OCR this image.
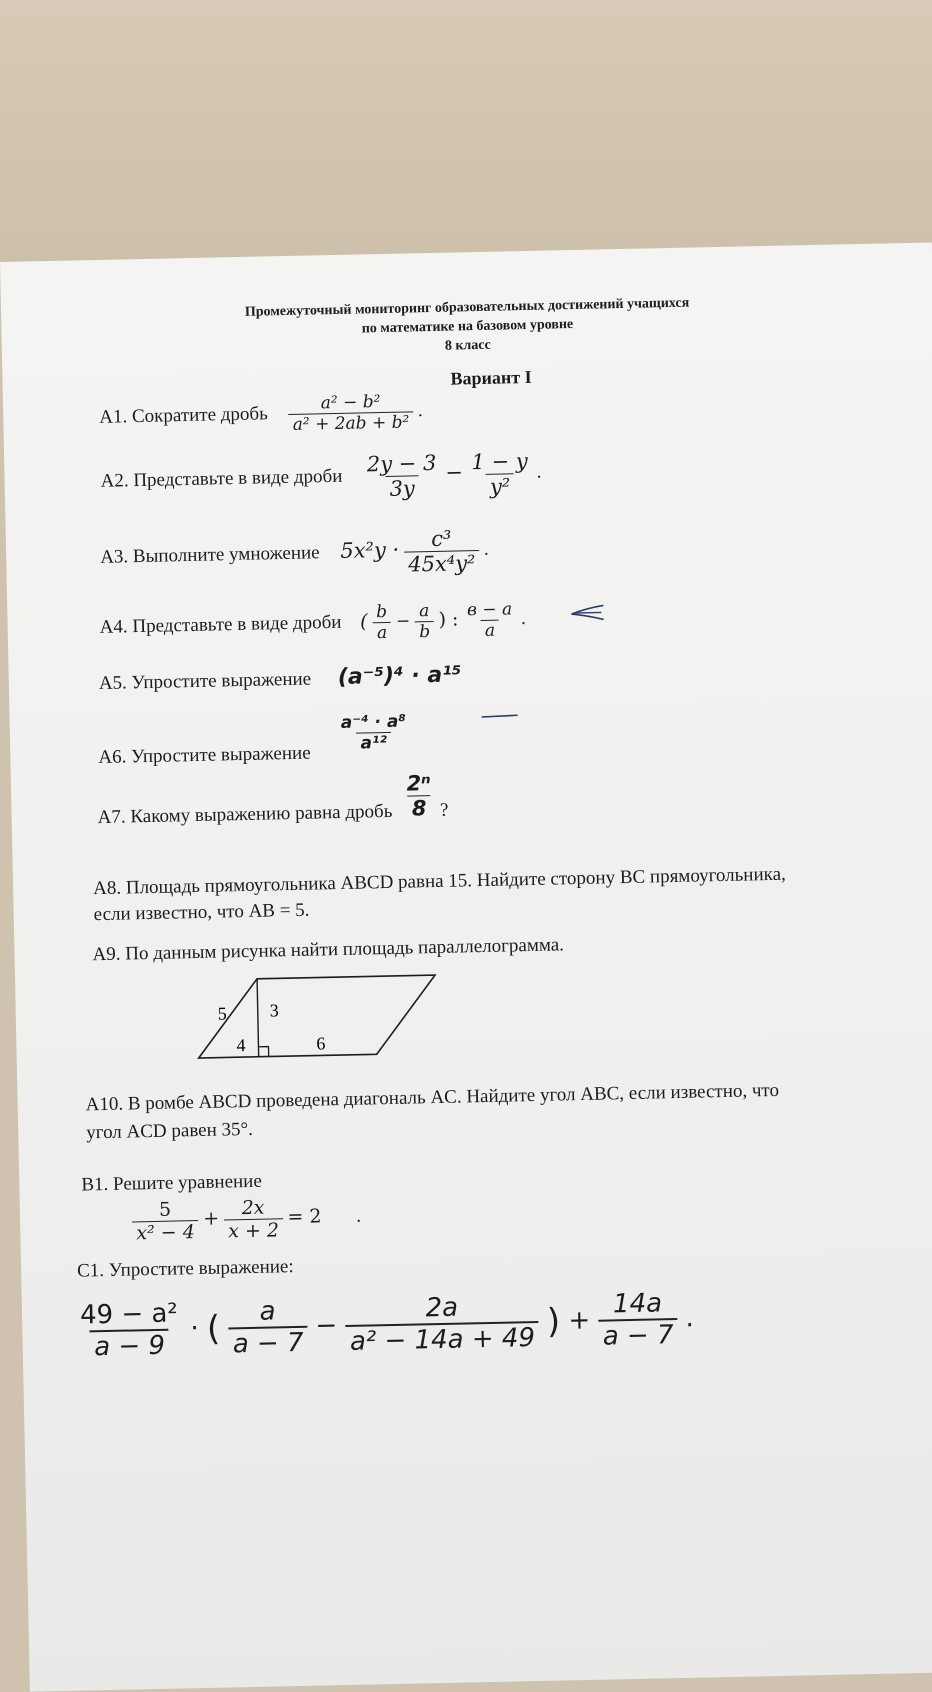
Промежуточный мониторинг образовательных достижений учащихся
по математике на базовом уровне
8 класс
Вариант I
А1. Сократите дробь $\frac{\text{a² − b²}}{\text{a² + 2ab + b²}}$ .
А2. Представьте в виде дроби $\frac{2y - 3}{3y} - \frac{1 - y}{\text{y²}}$ .
А3. Выполните умножение $5x^2y \cdot \frac{\text{c³}}{\text{45x⁴y²}}$ .
А4. Представьте в виде дроби ( $\frac{b}{a} - \frac{a}{b}$ ) : $\frac{в - a}{a}$ .
А5. Упростите выражение (a⁻⁵)⁴ · a¹⁵
А6. Упростите выражение
$\frac{\text{a⁻⁴ · a⁸}}{\text{a¹²}}$
А7. Какому выражению равна дробь $\frac{\text{2ⁿ}}{8}$ ?
А8. Площадь прямоугольника ABCD равна 15. Найдите сторону BC прямоугольника,
если известно, что AB = 5.
А9. По данным рисунка найти площадь параллелограмма.
5 3
4	6
А10. В ромбе ABCD проведена диагональ AC. Найдите угол ABC, если известно, что
угол ACD равен 35°.
В1. Решите уравнение
$\frac{5}{\text{x² − 4}} + \frac{2x}{x + 2} = 2$ .
С1. Упростите выражение:
$\frac{\text{49 − a²}}{a - 9}$ · ( $\frac{a}{a - 7} - \frac{2a}{\text{a² − 14a + 49}}$ ) + $\frac{14a}{a - 7}$ .
